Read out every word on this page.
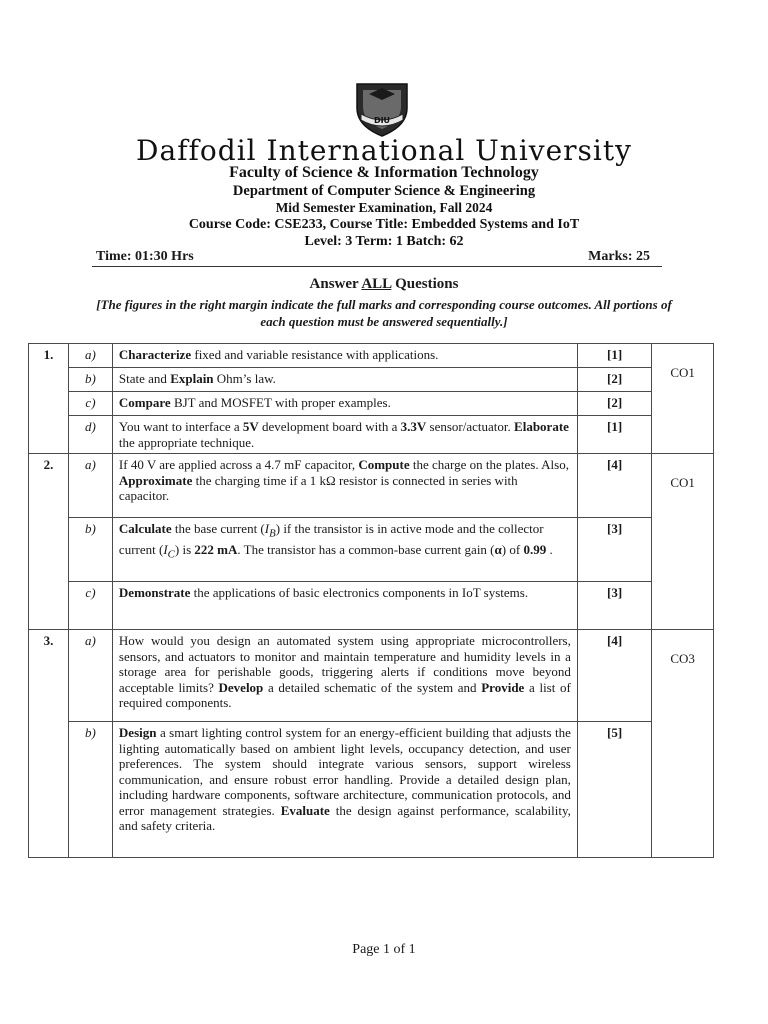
DIU
Daffodil International University
Faculty of Science & Information Technology
Department of Computer Science & Engineering
Mid Semester Examination, Fall 2024
Course Code: CSE233, Course Title: Embedded Systems and IoT
Level: 3 Term: 1 Batch: 62
Time: 01:30 Hrs	Marks: 25
Answer ALL Questions
[The figures in the right margin indicate the full marks and corresponding course outcomes. All portions of each question must be answered sequentially.]
1.	a)	Characterize fixed and variable resistance with applications.	[1]	CO1
	b)	State and Explain Ohm’s law.	[2]	
	c)	Compare BJT and MOSFET with proper examples.	[2]	
	d)	You want to interface a 5V development board with a 3.3V sensor/actuator. Elaborate the appropriate technique.	[1]	
2.	a)	If 40 V are applied across a 4.7 mF capacitor, Compute the charge on the plates. Also, Approximate the charging time if a 1 kΩ resistor is connected in series with capacitor.	[4]	CO1
	b)	Calculate the base current $(I_B)$ if the transistor is in active mode and the collector current $(I_C)$ is 222 mA. The transistor has a common-base current gain (α) of 0.99 .	[3]	
	c)	Demonstrate the applications of basic electronics components in IoT systems.	[3]	
3.	a)	How would you design an automated system using appropriate microcontrollers, sensors, and actuators to monitor and maintain temperature and humidity levels in a storage area for perishable goods, triggering alerts if conditions move beyond acceptable limits? Develop a detailed schematic of the system and Provide a list of required components.	[4]	CO3
	b)	Design a smart lighting control system for an energy-efficient building that adjusts the lighting automatically based on ambient light levels, occupancy detection, and user preferences. The system should integrate various sensors, support wireless communication, and ensure robust error handling. Provide a detailed design plan, including hardware components, software architecture, communication protocols, and error management strategies. Evaluate the design against performance, scalability, and safety criteria.	[5]	
Page 1 of 1
